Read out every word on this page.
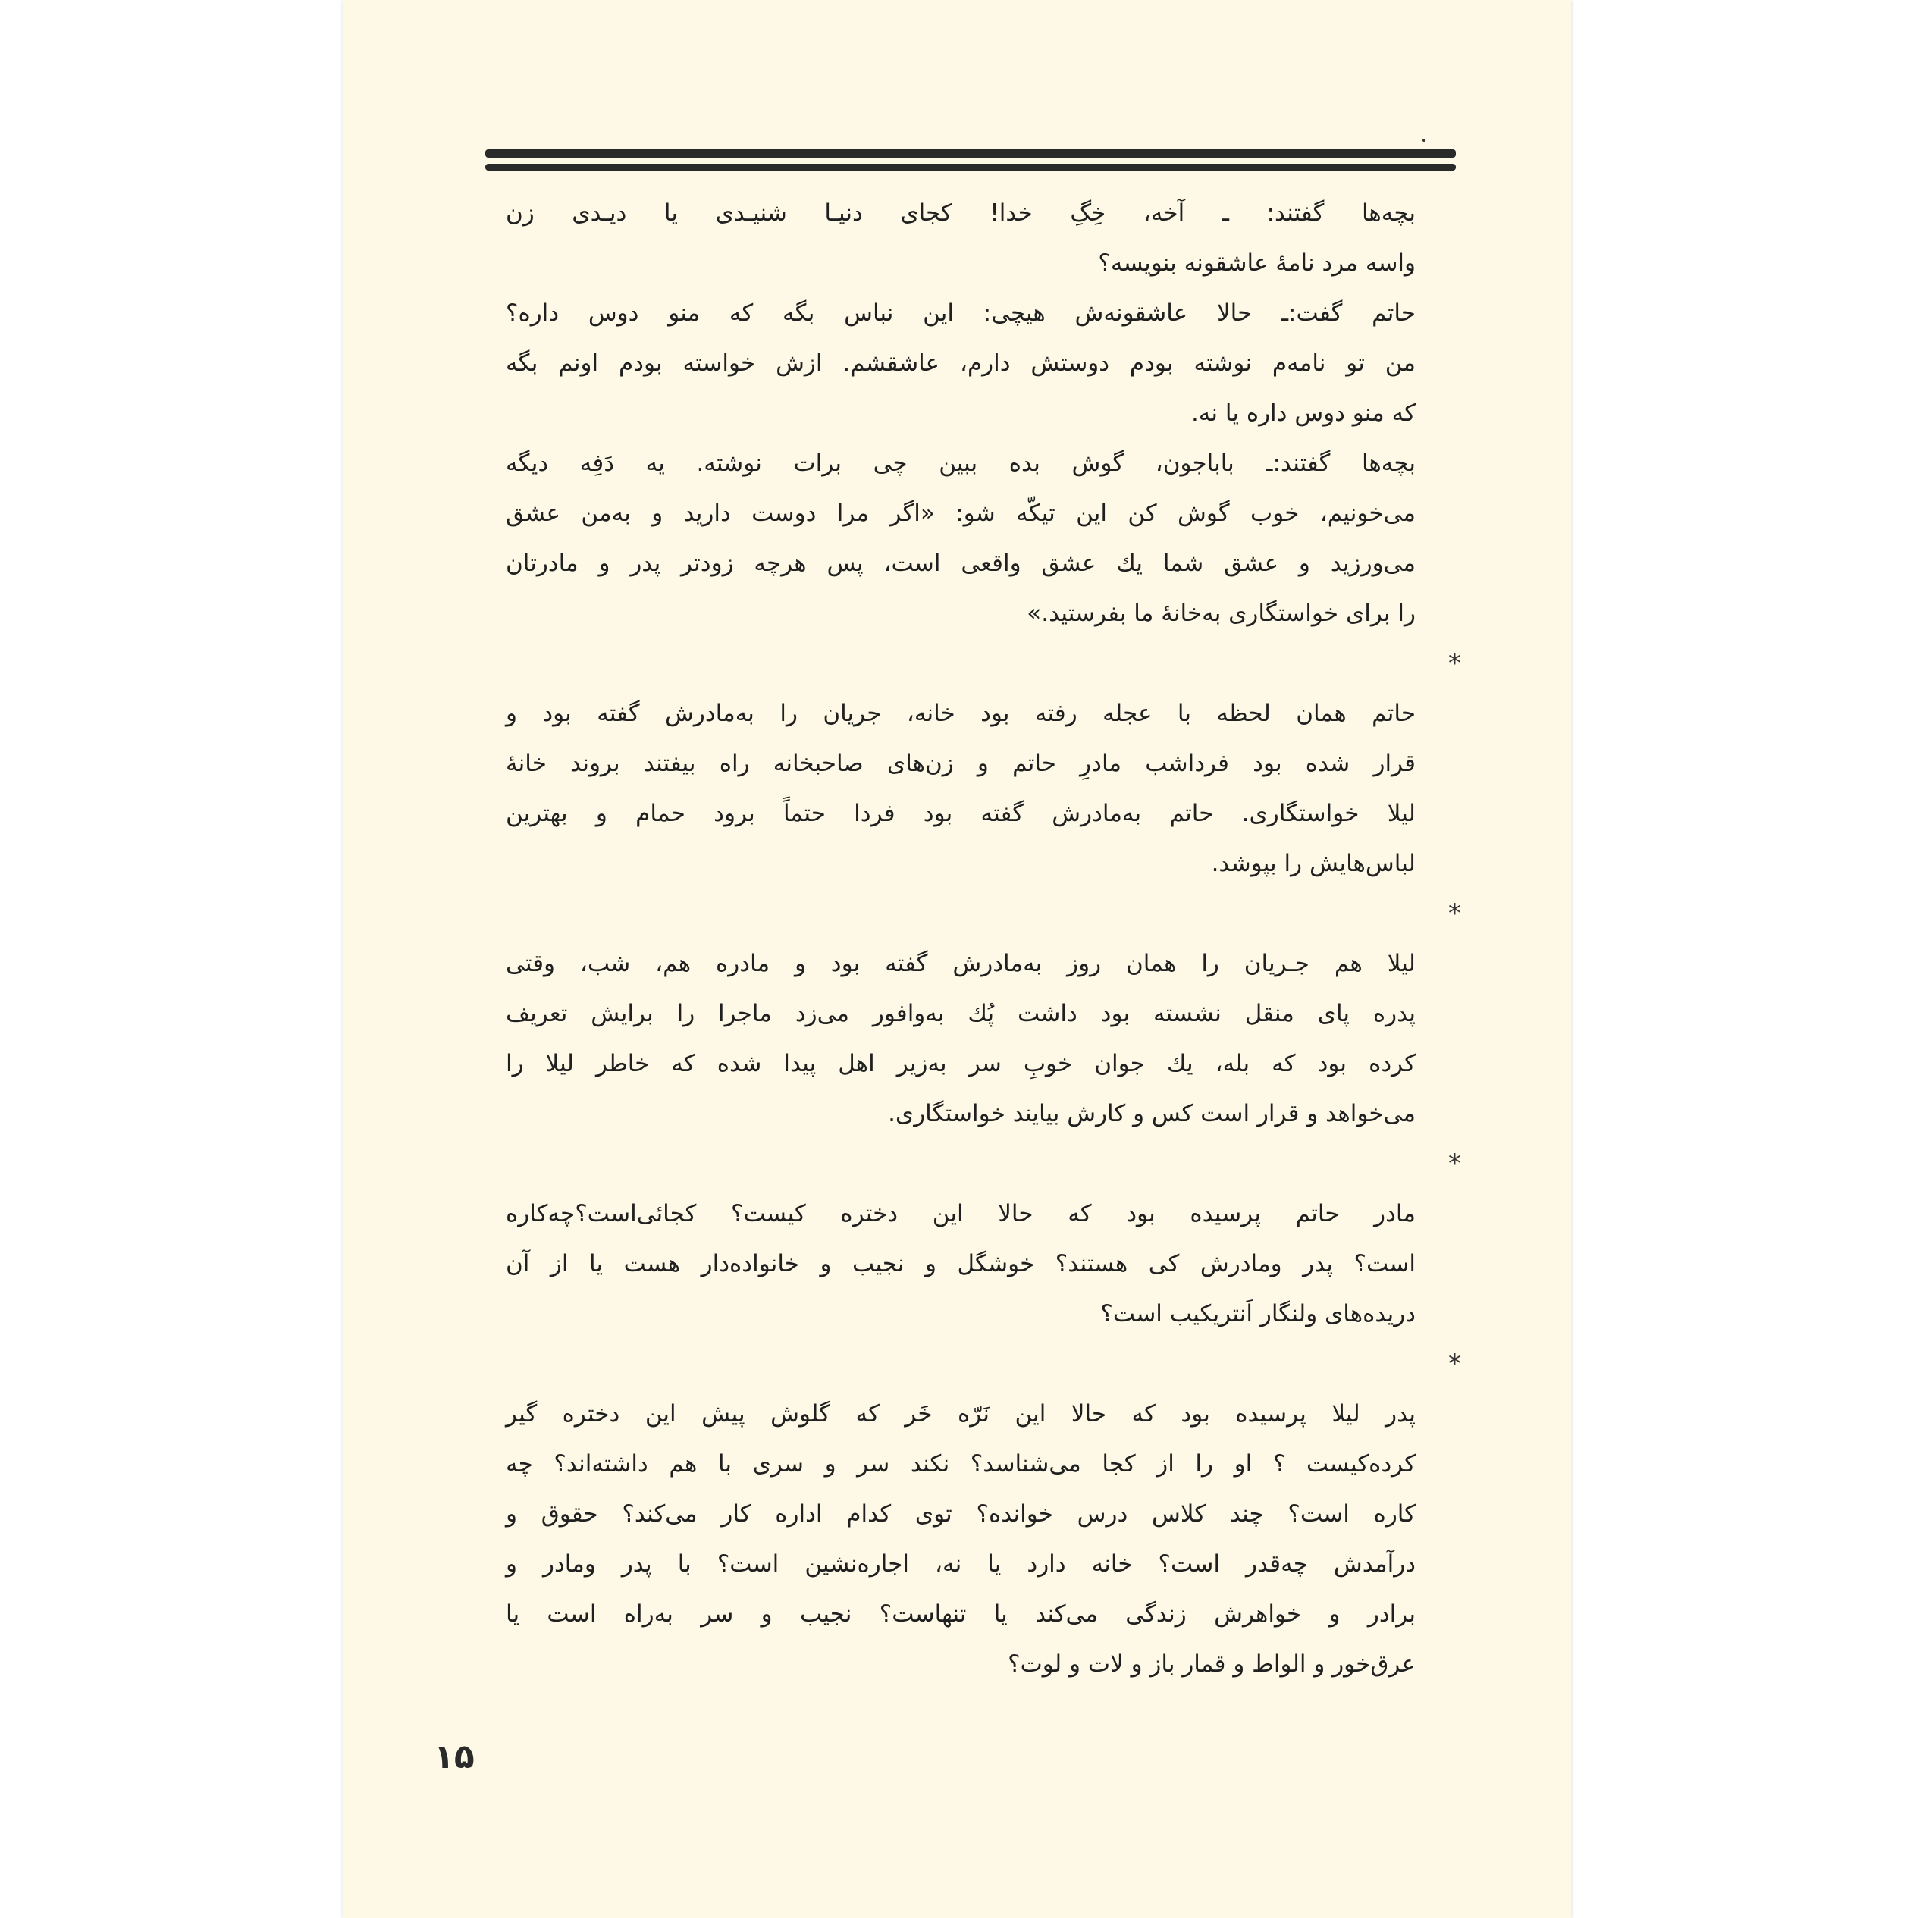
بچه‌ها گفتند: ـ آخه، خِگِ خدا! کجای دنیـا شنیـدی یا دیـدی زن
واسه مرد نامهٔ عاشقونه بنویسه؟

حاتم گفت:ـ حالا عاشقونه‌ش هیچی: این نباس بگه که منو دوس داره؟
من تو نامه‌م نوشته بودم دوستش دارم، عاشقشم. ازش خواسته بودم اونم بگه
که منو دوس داره یا نه.

بچه‌ها گفتند:ـ باباجون، گوش بده ببین چی برات نوشته. یه دَفِه دیگه
می‌خونیم، خوب گوش کن این تیکّه شو: «اگر مرا دوست دارید و به‌من عشق
می‌ورزید و عشق شما یك عشق واقعی است، پس هرچه زودتر پدر و مادرتان
را برای خواستگاری به‌خانهٔ ما بفرستید.»

*

حاتم همان لحظه با عجله رفته بود خانه، جریان را به‌مادرش گفته بود و
قرار شده بود فرداشب مادرِ حاتم و زن‌های صاحبخانه راه بیفتند بروند خانهٔ
لیلا خواستگاری. حاتم به‌مادرش گفته بود فردا حتماً برود حمام و بهترین
لباس‌هایش را بپوشد.

*

لیلا هم جـریان را همان روز به‌مادرش گفته بود و مادره هم، شب، وقتی
پدره پای منقل نشسته بود داشت پُك به‌وافور می‌زد ماجرا را برایش تعریف
کرده بود که بله، یك جوان خوبِ سر به‌زیر اهل پیدا شده که خاطر لیلا را
می‌خواهد و قرار است کس و کارش بیایند خواستگاری.

*

مادر حاتم پرسیده بود که حالا این دختره کیست؟ کجائی‌است؟چه‌کاره
است؟ پدر ومادرش کی هستند؟ خوشگل و نجیب و خانواده‌دار هست یا از آن
دریده‌های ولنگار اَنتریکیب است؟

*

پدر لیلا پرسیده بود که حالا این نَرّه خَر که گلوش پیش این دختره گیر
کرده‌کیست ؟ او را از کجا می‌شناسد؟ نکند سر و سری با هم داشته‌اند؟ چه
کاره است؟ چند کلاس درس خوانده؟ توی کدام اداره کار می‌کند؟ حقوق و
درآمدش چه‌قدر است؟ خانه دارد یا نه، اجاره‌نشین است؟ با پدر ومادر و
برادر و خواهرش زندگی می‌کند یا تنهاست؟ نجیب و سر به‌راه است یا
عرق‌خور و الواط و قمار باز و لات و لوت؟

۱۵
